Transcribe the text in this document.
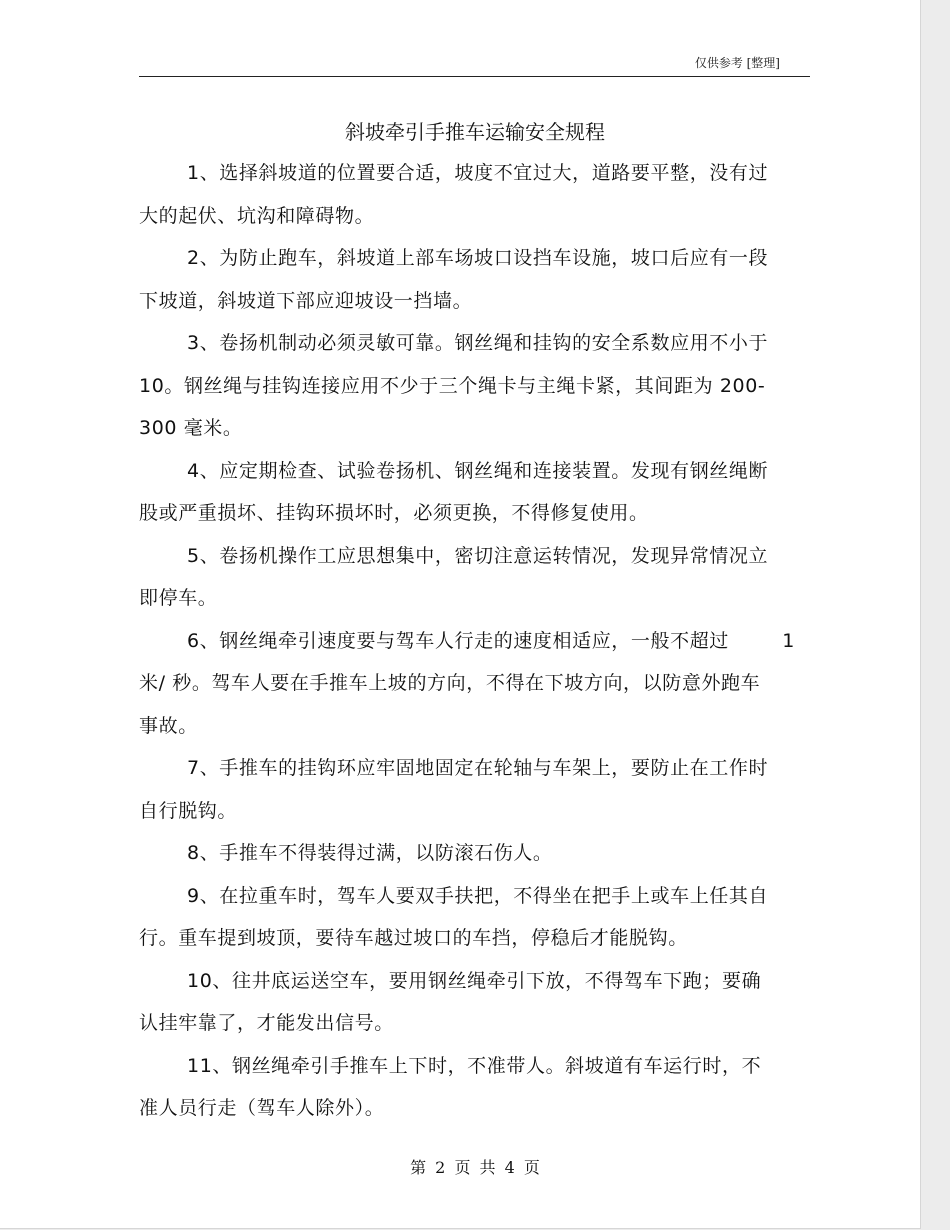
仅供参考 [整理]
斜坡牵引手推车运输安全规程

1、选择斜坡道的位置要合适，坡度不宜过大，道路要平整，没有过大的起伏、坑沟和障碍物。

2、为防止跑车，斜坡道上部车场坡口设挡车设施，坡口后应有一段下坡道，斜坡道下部应迎坡设一挡墙。

3、卷扬机制动必须灵敏可靠。钢丝绳和挂钩的安全系数应用不小于 10。钢丝绳与挂钩连接应用不少于三个绳卡与主绳卡紧，其间距为 200-300 毫米。

4、应定期检查、试验卷扬机、钢丝绳和连接装置。发现有钢丝绳断股或严重损坏、挂钩环损坏时，必须更换，不得修复使用。

5、卷扬机操作工应思想集中，密切注意运转情况，发现异常情况立即停车。

6、钢丝绳牵引速度要与驾车人行走的速度相适应，一般不超过	1

米/ 秒。驾车人要在手推车上坡的方向，不得在下坡方向，以防意外跑车事故。

7、手推车的挂钩环应牢固地固定在轮轴与车架上，要防止在工作时自行脱钩。

8、手推车不得装得过满，以防滚石伤人。

9、在拉重车时，驾车人要双手扶把，不得坐在把手上或车上任其自行。重车提到坡顶，要待车越过坡口的车挡，停稳后才能脱钩。

10、往井底运送空车，要用钢丝绳牵引下放，不得驾车下跑；要确认挂牢靠了，才能发出信号。

11、钢丝绳牵引手推车上下时，不准带人。斜坡道有车运行时，不准人员行走（驾车人除外）。

第 2 页 共 4 页
